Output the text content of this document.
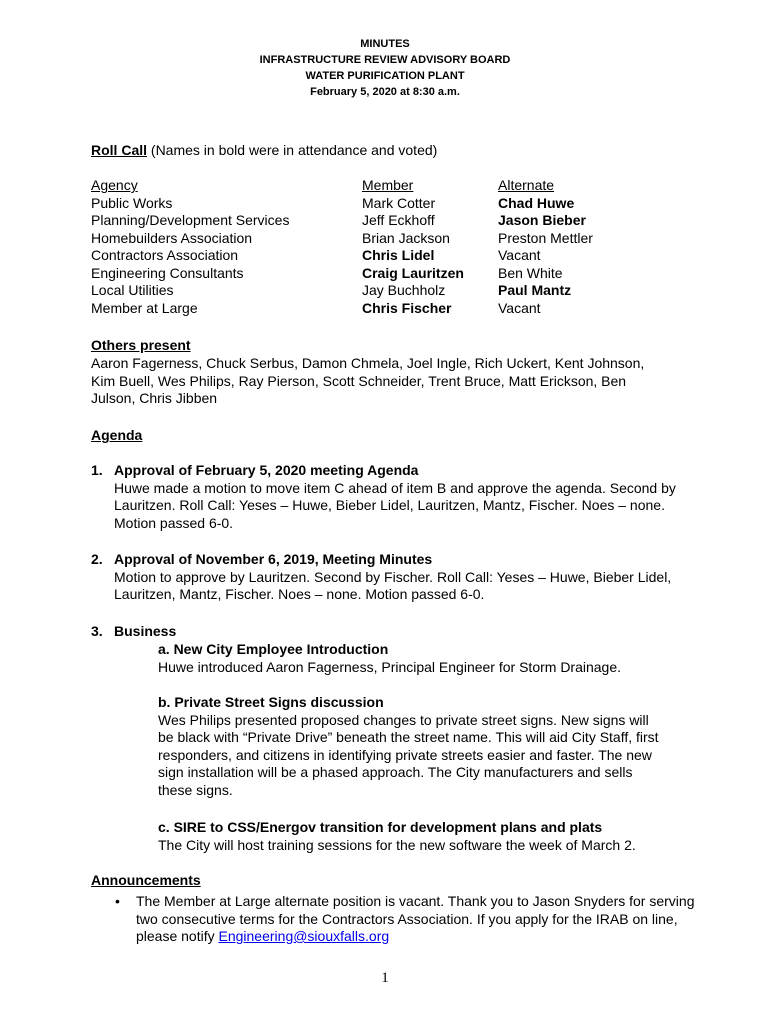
MINUTES
INFRASTRUCTURE REVIEW ADVISORY BOARD
WATER PURIFICATION PLANT
February 5, 2020 at 8:30 a.m.
Roll Call (Names in bold were in attendance and voted)
Agency
Public Works
Planning/Development Services
Homebuilders Association
Contractors Association
Engineering Consultants
Local Utilities
Member at Large
Member
Mark Cotter
Jeff Eckhoff
Brian Jackson
Chris Lidel
Craig Lauritzen
Jay Buchholz
Chris Fischer
Alternate
Chad Huwe
Jason Bieber
Preston Mettler
Vacant
Ben White
Paul Mantz
Vacant
Others present
Aaron Fagerness, Chuck Serbus, Damon Chmela, Joel Ingle, Rich Uckert, Kent Johnson, Kim Buell, Wes Philips, Ray Pierson, Scott Schneider, Trent Bruce, Matt Erickson, Ben Julson, Chris Jibben
Agenda
1. Approval of February 5, 2020 meeting Agenda
Huwe made a motion to move item C ahead of item B and approve the agenda. Second by Lauritzen. Roll Call: Yeses – Huwe, Bieber Lidel, Lauritzen, Mantz, Fischer. Noes – none. Motion passed 6-0.
2. Approval of November 6, 2019, Meeting Minutes
Motion to approve by Lauritzen. Second by Fischer. Roll Call: Yeses – Huwe, Bieber Lidel, Lauritzen, Mantz, Fischer. Noes – none. Motion passed 6-0.
3. Business
a. New City Employee Introduction
Huwe introduced Aaron Fagerness, Principal Engineer for Storm Drainage.
b. Private Street Signs discussion
Wes Philips presented proposed changes to private street signs. New signs will be black with “Private Drive” beneath the street name. This will aid City Staff, first responders, and citizens in identifying private streets easier and faster. The new sign installation will be a phased approach. The City manufacturers and sells these signs.
c. SIRE to CSS/Energov transition for development plans and plats
The City will host training sessions for the new software the week of March 2.
Announcements
• The Member at Large alternate position is vacant. Thank you to Jason Snyders for serving two consecutive terms for the Contractors Association. If you apply for the IRAB on line, please notify Engineering@siouxfalls.org
1
